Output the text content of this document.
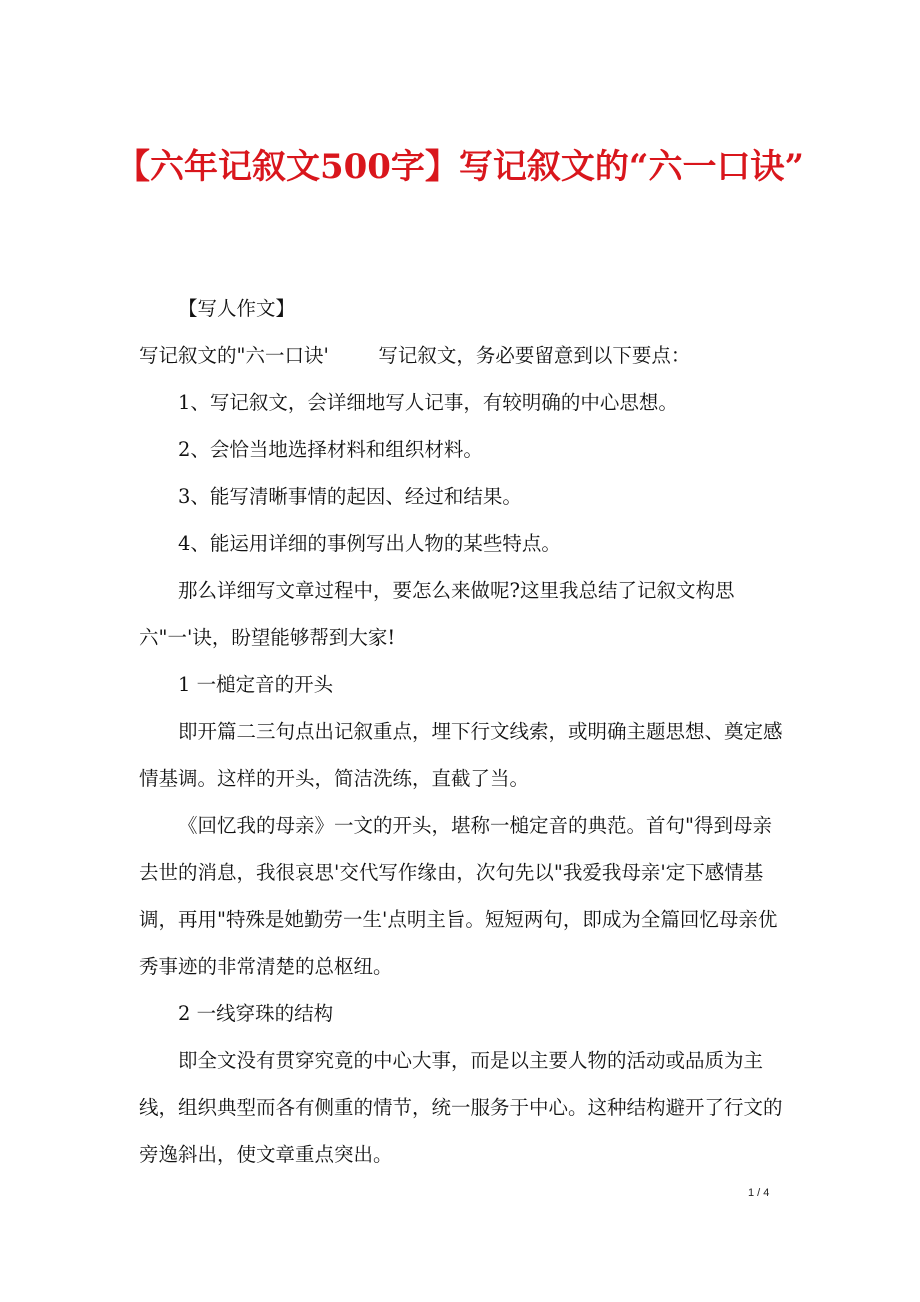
【六年记叙文500字】写记叙文的“六一口诀”

【写人作文】

写记叙文的"六一口诀'        写记叙文，务必要留意到以下要点：

1、写记叙文，会详细地写人记事，有较明确的中心思想。

2、会恰当地选择材料和组织材料。

3、能写清晰事情的起因、经过和结果。

4、能运用详细的事例写出人物的某些特点。

那么详细写文章过程中，要怎么来做呢?这里我总结了记叙文构思六"一'诀，盼望能够帮到大家!

1 一槌定音的开头

即开篇二三句点出记叙重点，埋下行文线索，或明确主题思想、奠定感情基调。这样的开头，简洁洗练，直截了当。

《回忆我的母亲》一文的开头，堪称一槌定音的典范。首句"得到母亲去世的消息，我很哀思'交代写作缘由，次句先以"我爱我母亲'定下感情基调，再用"特殊是她勤劳一生'点明主旨。短短两句，即成为全篇回忆母亲优秀事迹的非常清楚的总枢纽。

2 一线穿珠的结构

即全文没有贯穿究竟的中心大事，而是以主要人物的活动或品质为主线，组织典型而各有侧重的情节，统一服务于中心。这种结构避开了行文的旁逸斜出，使文章重点突出。

1 / 4
